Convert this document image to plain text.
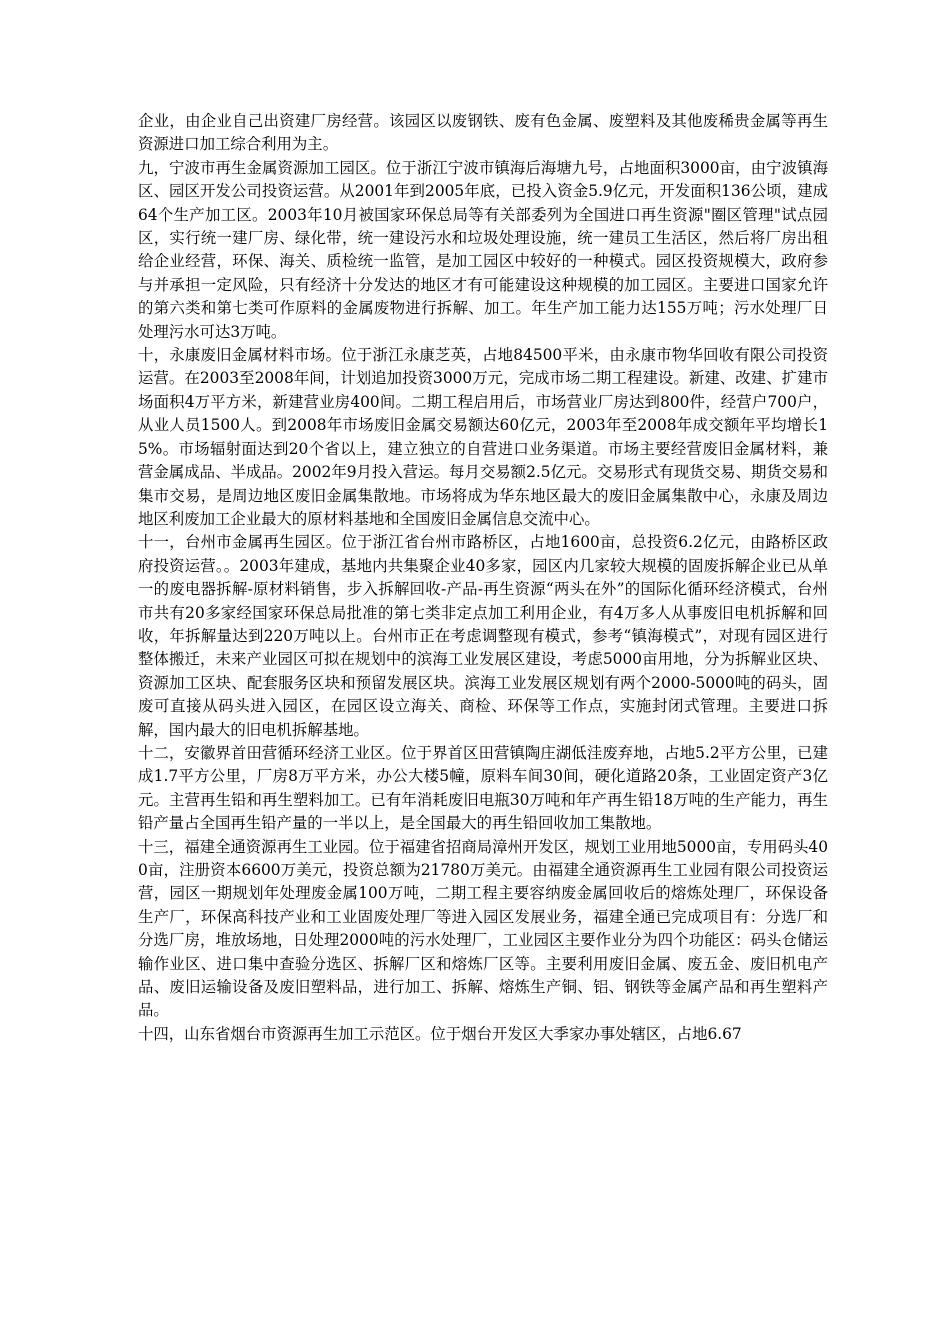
企业，由企业自己出资建厂房经营。该园区以废钢铁、废有色金属、废塑料及其他废稀贵金属等再生资源进口加工综合利用为主。

九，宁波市再生金属资源加工园区。位于浙江宁波市镇海后海塘九号，占地面积3000亩，由宁波镇海区、园区开发公司投资运营。从2001年到2005年底，已投入资金5.9亿元，开发面积136公顷，建成64个生产加工区。2003年10月被国家环保总局等有关部委列为全国进口再生资源"圈区管理"试点园区，实行统一建厂房、绿化带，统一建设污水和垃圾处理设施，统一建员工生活区，然后将厂房出租给企业经营，环保、海关、质检统一监管，是加工园区中较好的一种模式。园区投资规模大，政府参与并承担一定风险，只有经济十分发达的地区才有可能建设这种规模的加工园区。主要进口国家允许的第六类和第七类可作原料的金属废物进行拆解、加工。年生产加工能力达155万吨；污水处理厂日处理污水可达3万吨。

十，永康废旧金属材料市场。位于浙江永康芝英，占地84500平米，由永康市物华回收有限公司投资运营。在2003至2008年间，计划追加投资3000万元，完成市场二期工程建设。新建、改建、扩建市场面积4万平方米，新建营业房400间。二期工程启用后，市场营业厂房达到800件，经营户700户，从业人员1500人。到2008年市场废旧金属交易额达60亿元，2003年至2008年成交额年平均增长15%。市场辐射面达到20个省以上，建立独立的自营进口业务渠道。市场主要经营废旧金属材料，兼营金属成品、半成品。2002年9月投入营运。每月交易额2.5亿元。交易形式有现货交易、期货交易和集市交易，是周边地区废旧金属集散地。市场将成为华东地区最大的废旧金属集散中心，永康及周边地区利废加工企业最大的原材料基地和全国废旧金属信息交流中心。

十一，台州市金属再生园区。位于浙江省台州市路桥区，占地1600亩，总投资6.2亿元，由路桥区政府投资运营。。2003年建成，基地内共集聚企业40多家，园区内几家较大规模的固废拆解企业已从单一的废电器拆解-原材料销售，步入拆解回收-产品-再生资源“两头在外”的国际化循环经济模式，台州市共有20多家经国家环保总局批准的第七类非定点加工利用企业，有4万多人从事废旧电机拆解和回收，年拆解量达到220万吨以上。台州市正在考虑调整现有模式，参考“镇海模式”，对现有园区进行整体搬迁，未来产业园区可拟在规划中的滨海工业发展区建设，考虑5000亩用地，分为拆解业区块、资源加工区块、配套服务区块和预留发展区块。滨海工业发展区规划有两个2000-5000吨的码头，固废可直接从码头进入园区，在园区设立海关、商检、环保等工作点，实施封闭式管理。主要进口拆解，国内最大的旧电机拆解基地。

十二，安徽界首田营循环经济工业区。位于界首区田营镇陶庄湖低洼废弃地，占地5.2平方公里，已建成1.7平方公里，厂房8万平方米，办公大楼5幢，原料车间30间，硬化道路20条，工业固定资产3亿元。主营再生铅和再生塑料加工。已有年消耗废旧电瓶30万吨和年产再生铅18万吨的生产能力，再生铅产量占全国再生铅产量的一半以上，是全国最大的再生铅回收加工集散地。

十三，福建全通资源再生工业园。位于福建省招商局漳州开发区，规划工业用地5000亩，专用码头400亩，注册资本6600万美元，投资总额为21780万美元。由福建全通资源再生工业园有限公司投资运营，园区一期规划年处理废金属100万吨，二期工程主要容纳废金属回收后的熔炼处理厂，环保设备生产厂，环保高科技产业和工业固废处理厂等进入园区发展业务，福建全通已完成项目有：分选厂和分选厂房，堆放场地，日处理2000吨的污水处理厂，工业园区主要作业分为四个功能区：码头仓储运输作业区、进口集中查验分选区、拆解厂区和熔炼厂区等。主要利用废旧金属、废五金、废旧机电产品、废旧运输设备及废旧塑料品，进行加工、拆解、熔炼生产铜、铝、钢铁等金属产品和再生塑料产品。

十四，山东省烟台市资源再生加工示范区。位于烟台开发区大季家办事处辖区，占地6.67
